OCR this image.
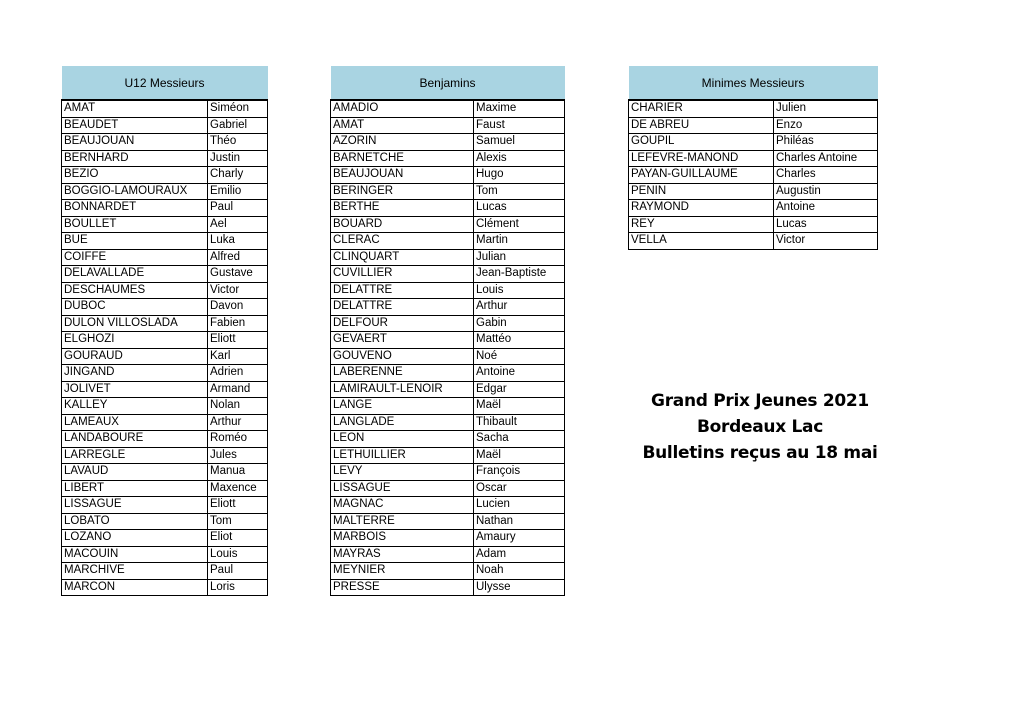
U12 Messieurs	
AMAT	Siméon
BEAUDET	Gabriel
BEAUJOUAN	Théo
BERNHARD	Justin
BEZIO	Charly
BOGGIO-LAMOURAUX	Emilio
BONNARDET	Paul
BOULLET	Ael
BUE	Luka
COIFFE	Alfred
DELAVALLADE	Gustave
DESCHAUMES	Victor
DUBOC	Davon
DULON VILLOSLADA	Fabien
ELGHOZI	Eliott
GOURAUD	Karl
JINGAND	Adrien
JOLIVET	Armand
KALLEY	Nolan
LAMEAUX	Arthur
LANDABOURE	Roméo
LARREGLE	Jules
LAVAUD	Manua
LIBERT	Maxence
LISSAGUE	Eliott
LOBATO	Tom
LOZANO	Eliot
MACOUIN	Louis
MARCHIVE	Paul
MARCON	Loris
Benjamins	
AMADIO	Maxime
AMAT	Faust
AZORIN	Samuel
BARNETCHE	Alexis
BEAUJOUAN	Hugo
BERINGER	Tom
BERTHE	Lucas
BOUARD	Clément
CLERAC	Martin
CLINQUART	Julian
CUVILLIER	Jean-Baptiste
DELATTRE	Louis
DELATTRE	Arthur
DELFOUR	Gabin
GEVAERT	Mattéo
GOUVENO	Noé
LABERENNE	Antoine
LAMIRAULT-LENOIR	Edgar
LANGE	Maël
LANGLADE	Thibault
LEON	Sacha
LETHUILLIER	Maël
LEVY	François
LISSAGUE	Oscar
MAGNAC	Lucien
MALTERRE	Nathan
MARBOIS	Amaury
MAYRAS	Adam
MEYNIER	Noah
PRESSE	Ulysse
Minimes Messieurs	
CHARIER	Julien
DE ABREU	Enzo
GOUPIL	Philéas
LEFEVRE-MANOND	Charles Antoine
PAYAN-GUILLAUME	Charles
PENIN	Augustin
RAYMOND	Antoine
REY	Lucas
VELLA	Victor
Grand Prix Jeunes 2021
Bordeaux Lac
Bulletins reçus au 18 mai
